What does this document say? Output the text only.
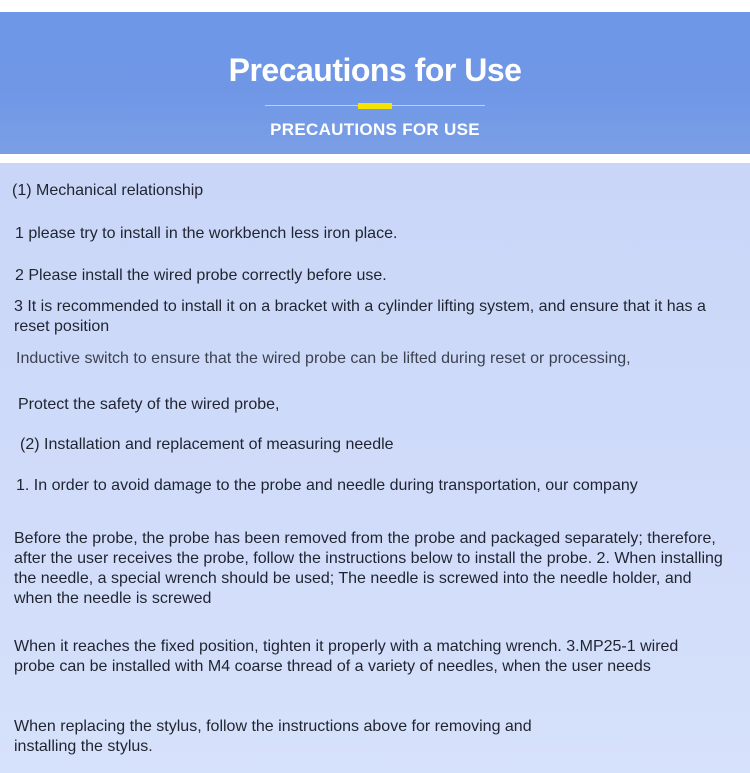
Precautions for Use
PRECAUTIONS FOR USE

(1) Mechanical relationship

1 please try to install in the workbench less iron place.

2 Please install the wired probe correctly before use.

3 It is recommended to install it on a bracket with a cylinder lifting system, and ensure that it has a reset position

Inductive switch to ensure that the wired probe can be lifted during reset or processing,

Protect the safety of the wired probe,

(2) Installation and replacement of measuring needle

1. In order to avoid damage to the probe and needle during transportation, our company

Before the probe, the probe has been removed from the probe and packaged separately; therefore, after the user receives the probe, follow the instructions below to install the probe. 2. When installing the needle, a special wrench should be used; The needle is screwed into the needle holder, and when the needle is screwed

When it reaches the fixed position, tighten it properly with a matching wrench. 3.MP25-1 wired probe can be installed with M4 coarse thread of a variety of needles, when the user needs

When replacing the stylus, follow the instructions above for removing and installing the stylus.
